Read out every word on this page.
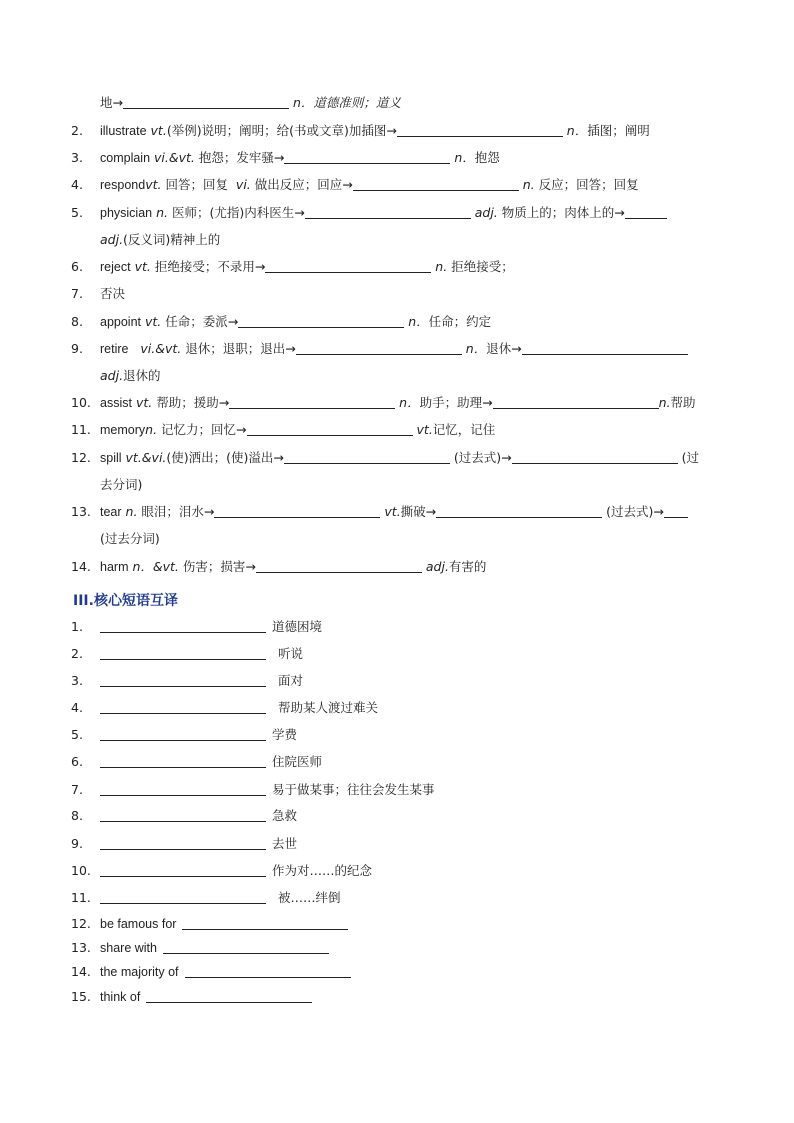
地→	n．道德准则；道义
2.	illustrate vt.(举例)说明；阐明；给(书或文章)加插图→	n．插图；阐明
3.	complain vi.&vt. 抱怨；发牢骚→	n．抱怨
4.	respondvt. 回答；回复 vi. 做出反应；回应→	n. 反应；回答；回复
5.	physician n. 医师；(尤指)内科医生→	adj. 物质上的；肉体上的→
adj.(反义词)精神上的
6.	reject vt. 拒绝接受；不录用→	n. 拒绝接受；
7.	否决
8.	appoint vt. 任命；委派→	n．任命；约定
9.	retire vi.&vt. 退休；退职；退出→	n．退休→
adj.退休的
10. assist vt. 帮助；援助→	n．助手；助理→	n.帮助
11. memoryn. 记忆力；回忆→	vt.记忆，记住
12. spill vt.&vi.(使)洒出；(使)溢出→	(过去式)→	(过
去分词)
13. tear n. 眼泪；泪水→	vt.撕破→	(过去式)→
(过去分词)
14. harm n．&vt. 伤害；损害→	adj.有害的
III.核心短语互译
1.	道德困境
2.	听说
3.	面对
4.	帮助某人渡过难关
5.	学费
6.	住院医师
7.	易于做某事；往往会发生某事
8.	急救
9.	去世
10.	作为对……的纪念
11.	被……绊倒
12. be famous for
13. share with
14. the majority of
15. think of
